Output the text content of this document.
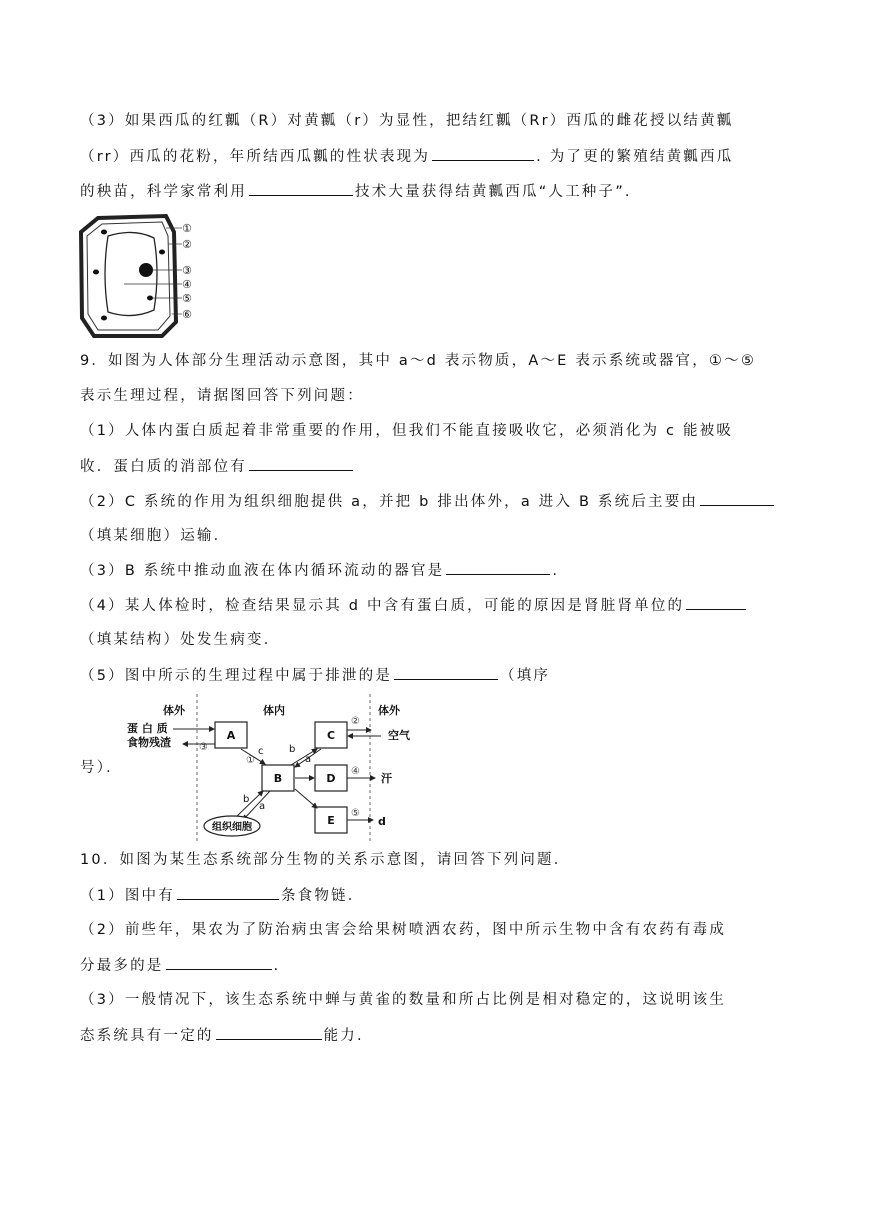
（3）如果西瓜的红瓤（R）对黄瓤（r）为显性，把结红瓤（Rr）西瓜的雌花授以结黄瓤
（rr）西瓜的花粉，年所结西瓜瓤的性状表现为	. 为了更的繁殖结黄瓤西瓜
的秧苗，科学家常利用	技术大量获得结黄瓤西瓜“人工种子”.
①
②
③
④
⑤
⑥
9．如图为人体部分生理活动示意图，其中 a～d 表示物质，A～E 表示系统或器官，①～⑤
表示生理过程，请据图回答下列问题：
（1）人体内蛋白质起着非常重要的作用，但我们不能直接吸收它，必须消化为 c 能被吸
收．蛋白质的消部位有
（2）C 系统的作用为组织细胞提供 a，并把 b 排出体外，a 进入 B 系统后主要由
（填某细胞）运输．
（3）B 系统中推动血液在体内循环流动的器官是	.
（4）某人体检时，检查结果显示其 d 中含有蛋白质，可能的原因是肾脏肾单位的
（填某结构）处发生病变．
（5）图中所示的生理过程中属于排泄的是	（填序
号）．
体外	体内	体外
蛋 白 质
食物残渣
空气
汗
d
A
B
C
D
E
①
②
③
④
⑤
c	b
a
b
a
组织细胞
10．如图为某生态系统部分生物的关系示意图，请回答下列问题．
（1）图中有	条食物链．
（2）前些年，果农为了防治病虫害会给果树喷洒农药，图中所示生物中含有农药有毒成
分最多的是	.
（3）一般情况下，该生态系统中蝉与黄雀的数量和所占比例是相对稳定的，这说明该生
态系统具有一定的	能力.
